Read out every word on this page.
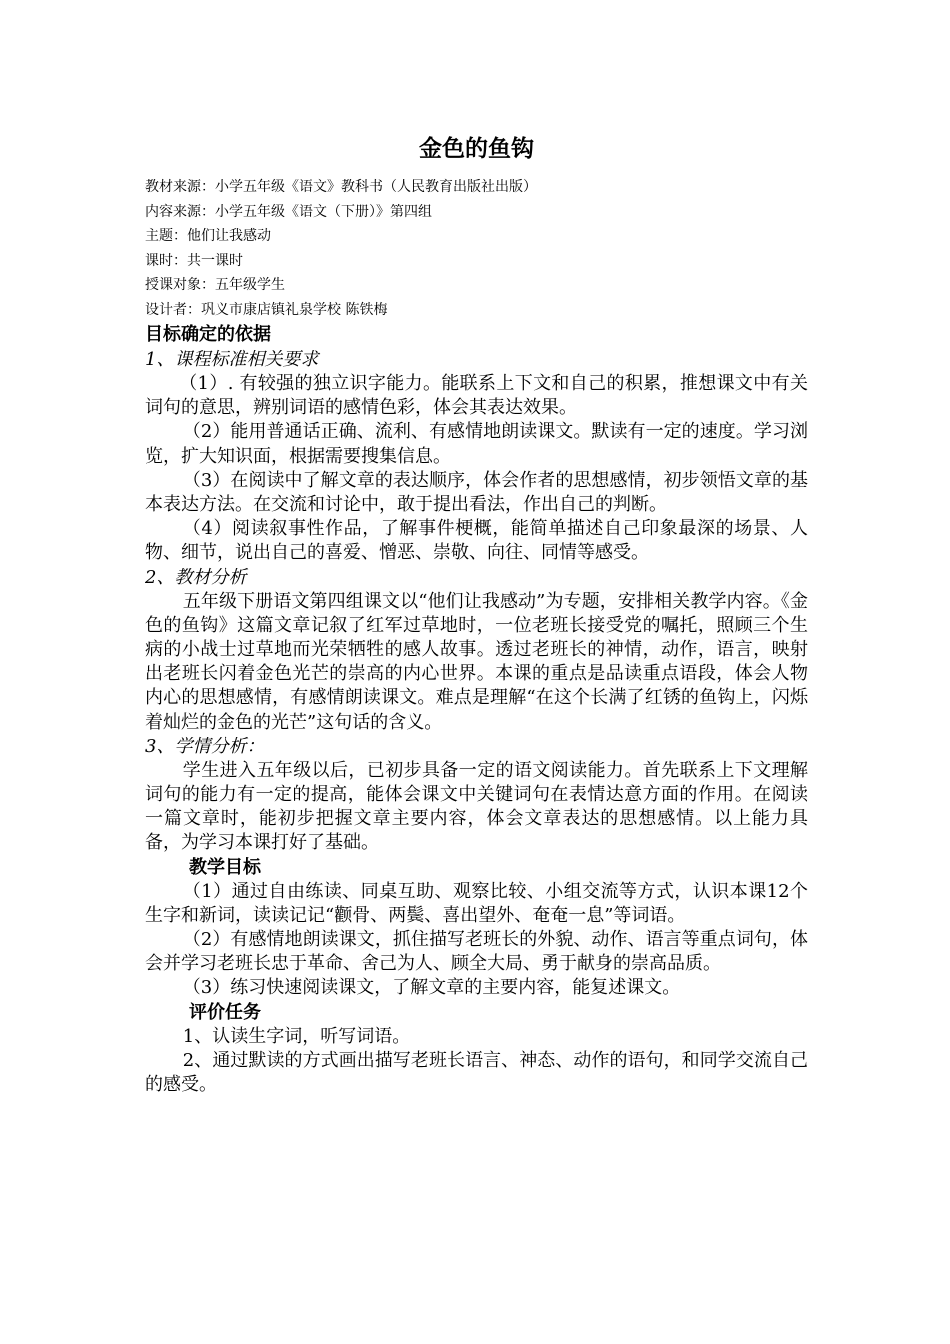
金色的鱼钩

教材来源：小学五年级《语文》教科书（人民教育出版社出版）

内容来源：小学五年级《语文（下册）》第四组

主题：他们让我感动

课时：共一课时

授课对象：五年级学生

设计者：巩义市康店镇礼泉学校 陈铁梅

目标确定的依据
1、课程标准相关要求

（1）. 有较强的独立识字能力。能联系上下文和自己的积累，推想课文中有关词句的意思，辨别词语的感情色彩，体会其表达效果。

（2）能用普通话正确、流利、有感情地朗读课文。默读有一定的速度。学习浏览，扩大知识面，根据需要搜集信息。

（3）在阅读中了解文章的表达顺序，体会作者的思想感情，初步领悟文章的基本表达方法。在交流和讨论中，敢于提出看法，作出自己的判断。

（4）阅读叙事性作品，了解事件梗概，能简单描述自己印象最深的场景、人物、细节，说出自己的喜爱、憎恶、崇敬、向往、同情等感受。

2、教材分析

五年级下册语文第四组课文以“他们让我感动”为专题，安排相关教学内容。《金色的鱼钩》这篇文章记叙了红军过草地时，一位老班长接受党的嘱托，照顾三个生病的小战士过草地而光荣牺牲的感人故事。透过老班长的神情，动作，语言，映射出老班长闪着金色光芒的崇高的内心世界。本课的重点是品读重点语段，体会人物内心的思想感情，有感情朗读课文。难点是理解“在这个长满了红锈的鱼钩上，闪烁着灿烂的金色的光芒”这句话的含义。

3、学情分析：

学生进入五年级以后，已初步具备一定的语文阅读能力。首先联系上下文理解词句的能力有一定的提高，能体会课文中关键词句在表情达意方面的作用。在阅读一篇文章时，能初步把握文章主要内容，体会文章表达的思想感情。以上能力具备，为学习本课打好了基础。

教学目标

（1）通过自由练读、同桌互助、观察比较、小组交流等方式，认识本课12个生字和新词，读读记记“颧骨、两鬓、喜出望外、奄奄一息”等词语。

（2）有感情地朗读课文，抓住描写老班长的外貌、动作、语言等重点词句，体会并学习老班长忠于革命、舍己为人、顾全大局、勇于献身的崇高品质。

（3）练习快速阅读课文，了解文章的主要内容，能复述课文。

评价任务

1、认读生字词，听写词语。

2、通过默读的方式画出描写老班长语言、神态、动作的语句，和同学交流自己的感受。
